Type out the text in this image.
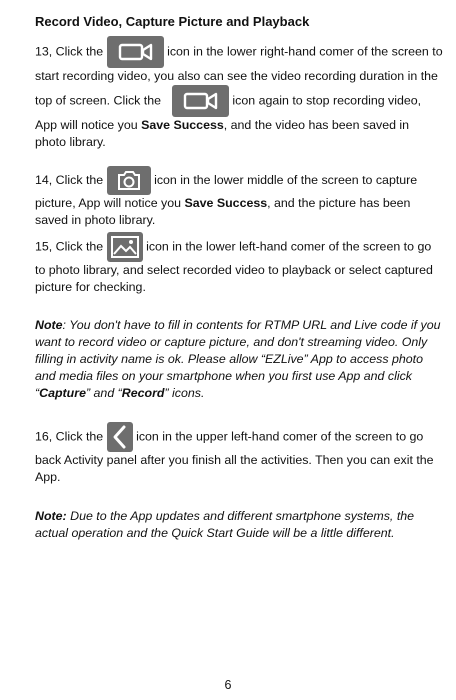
Record Video, Capture Picture and Playback
13, Click the	icon in the lower right-hand comer of the screen to start recording video, you also can see the video recording duration in the top of screen. Click the	icon again to stop recording video, App will notice you Save Success, and the video has been saved in photo library.
14, Click the	icon in the lower middle of the screen to capture picture, App will notice you Save Success, and the picture has been saved in photo library.
15, Click the	icon in the lower left-hand comer of the screen to go to photo library, and select recorded video to playback or select captured picture for checking.
Note: You don't have to fill in contents for RTMP URL and Live code if you want to record video or capture picture, and don't streaming video. Only filling in activity name is ok. Please allow “EZLive” App to access photo and media files on your smartphone when you first use App and click “Capture” and “Record” icons.
16, Click the	icon in the upper left-hand comer of the screen to go back Activity panel after you finish all the activities. Then you can exit the App.
Note: Due to the App updates and different smartphone systems, the actual operation and the Quick Start Guide will be a little different.
6
